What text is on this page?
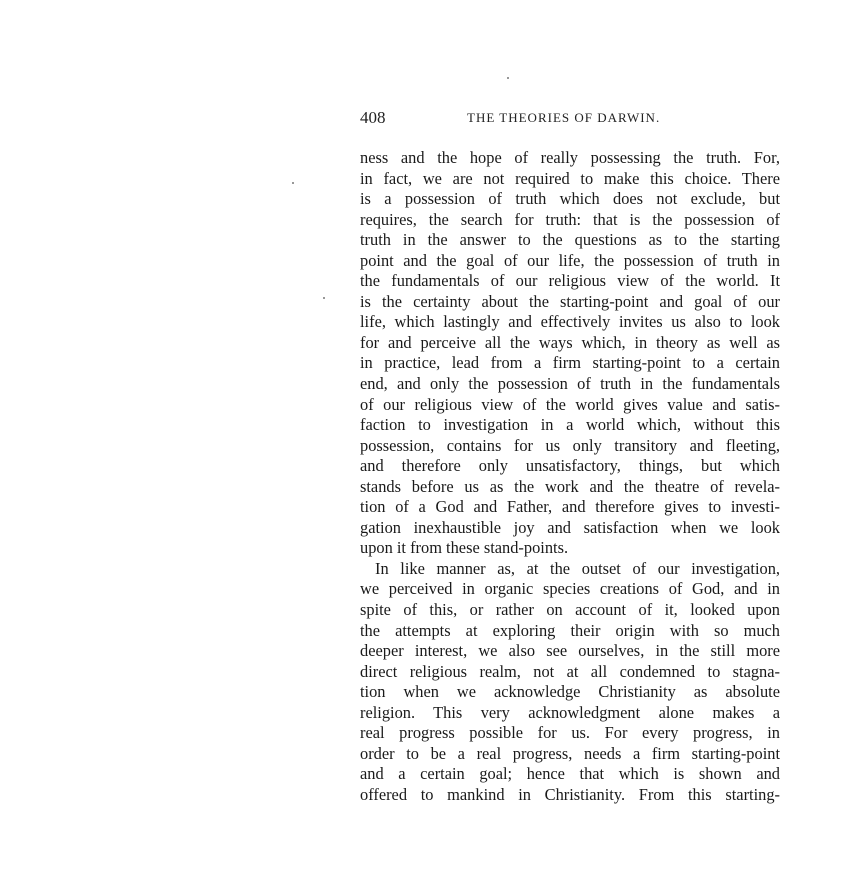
408	THE THEORIES OF DARWIN.
ness and the hope of really possessing the truth. For,
in fact, we are not required to make this choice. There
is a possession of truth which does not exclude, but
requires, the search for truth: that is the possession of
truth in the answer to the questions as to the starting
point and the goal of our life, the possession of truth in
the fundamentals of our religious view of the world. It
is the certainty about the starting-point and goal of our
life, which lastingly and effectively invites us also to look
for and perceive all the ways which, in theory as well as
in practice, lead from a firm starting-point to a certain
end, and only the possession of truth in the fundamentals
of our religious view of the world gives value and satis-
faction to investigation in a world which, without this
possession, contains for us only transitory and fleeting,
and therefore only unsatisfactory, things, but which
stands before us as the work and the theatre of revela-
tion of a God and Father, and therefore gives to investi-
gation inexhaustible joy and satisfaction when we look
upon it from these stand-points.
In like manner as, at the outset of our investigation,
we perceived in organic species creations of God, and in
spite of this, or rather on account of it, looked upon
the attempts at exploring their origin with so much
deeper interest, we also see ourselves, in the still more
direct religious realm, not at all condemned to stagna-
tion when we acknowledge Christianity as absolute
religion. This very acknowledgment alone makes a
real progress possible for us. For every progress, in
order to be a real progress, needs a firm starting-point
and a certain goal; hence that which is shown and
offered to mankind in Christianity. From this starting-
